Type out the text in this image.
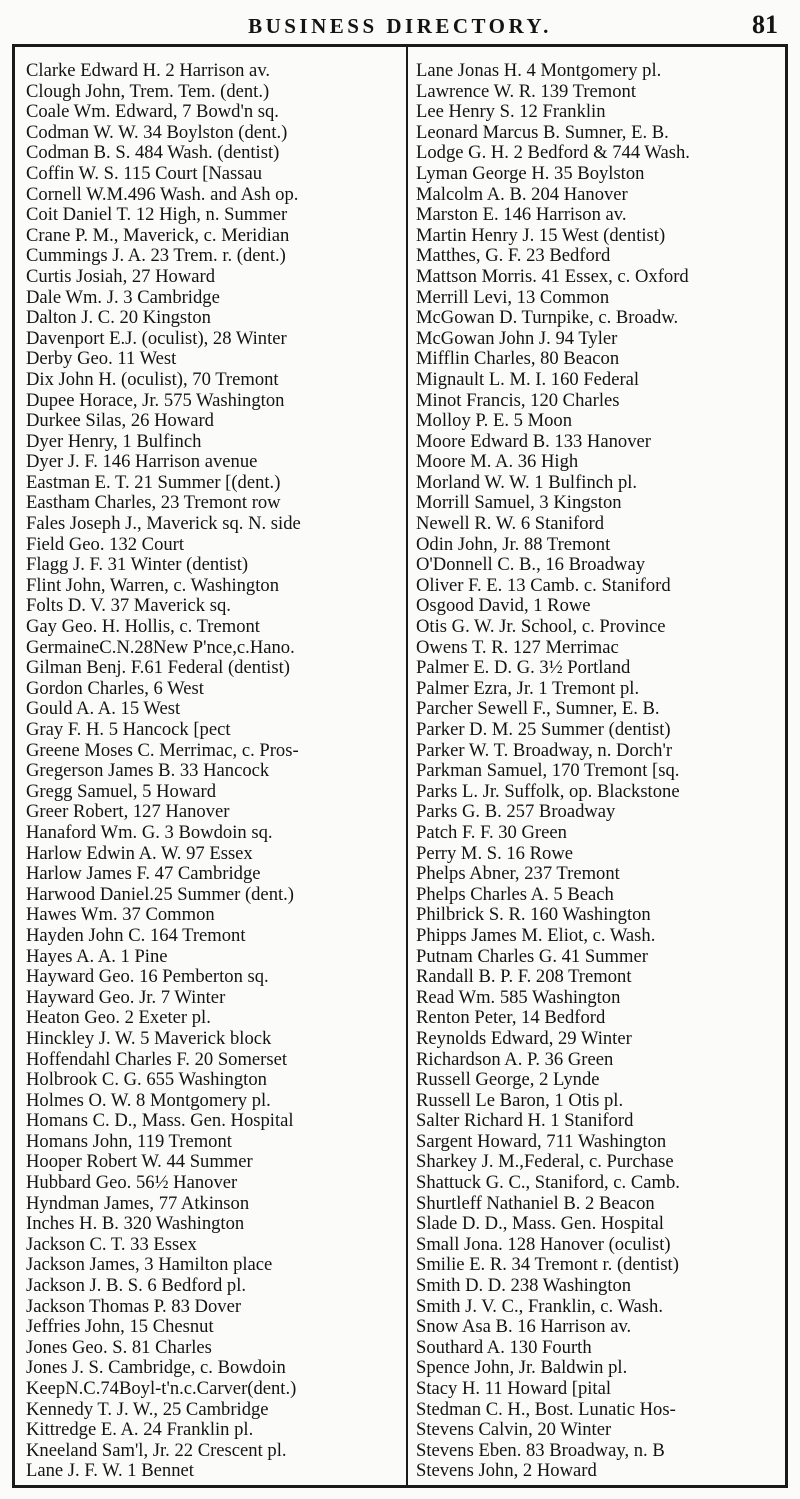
BUSINESS DIRECTORY.	81
Clarke Edward H. 2 Harrison av.
Clough John, Trem. Tem. (dent.)
Coale Wm. Edward, 7 Bowd'n sq.
Codman W. W. 34 Boylston (dent.)
Codman B. S. 484 Wash. (dentist)
Coffin W. S. 115 Court [Nassau
Cornell W.M.496 Wash. and Ash op.
Coit Daniel T. 12 High, n. Summer
Crane P. M., Maverick, c. Meridian
Cummings J. A. 23 Trem. r. (dent.)
Curtis Josiah, 27 Howard
Dale Wm. J. 3 Cambridge
Dalton J. C. 20 Kingston
Davenport E.J. (oculist), 28 Winter
Derby Geo. 11 West
Dix John H. (oculist), 70 Tremont
Dupee Horace, Jr. 575 Washington
Durkee Silas, 26 Howard
Dyer Henry, 1 Bulfinch
Dyer J. F. 146 Harrison avenue
Eastman E. T. 21 Summer [(dent.)
Eastham Charles, 23 Tremont row
Fales Joseph J., Maverick sq. N. side
Field Geo. 132 Court
Flagg J. F. 31 Winter (dentist)
Flint John, Warren, c. Washington
Folts D. V. 37 Maverick sq.
Gay Geo. H. Hollis, c. Tremont
GermaineC.N.28New P'nce,c.Hano.
Gilman Benj. F.61 Federal (dentist)
Gordon Charles, 6 West
Gould A. A. 15 West
Gray F. H. 5 Hancock [pect
Greene Moses C. Merrimac, c. Pros-
Gregerson James B. 33 Hancock
Gregg Samuel, 5 Howard
Greer Robert, 127 Hanover
Hanaford Wm. G. 3 Bowdoin sq.
Harlow Edwin A. W. 97 Essex
Harlow James F. 47 Cambridge
Harwood Daniel.25 Summer (dent.)
Hawes Wm. 37 Common
Hayden John C. 164 Tremont
Hayes A. A. 1 Pine
Hayward Geo. 16 Pemberton sq.
Hayward Geo. Jr. 7 Winter
Heaton Geo. 2 Exeter pl.
Hinckley J. W. 5 Maverick block
Hoffendahl Charles F. 20 Somerset
Holbrook C. G. 655 Washington
Holmes O. W. 8 Montgomery pl.
Homans C. D., Mass. Gen. Hospital
Homans John, 119 Tremont
Hooper Robert W. 44 Summer
Hubbard Geo. 56½ Hanover
Hyndman James, 77 Atkinson
Inches H. B. 320 Washington
Jackson C. T. 33 Essex
Jackson James, 3 Hamilton place
Jackson J. B. S. 6 Bedford pl.
Jackson Thomas P. 83 Dover
Jeffries John, 15 Chesnut
Jones Geo. S. 81 Charles
Jones J. S. Cambridge, c. Bowdoin
KeepN.C.74Boyl-t'n.c.Carver(dent.)
Kennedy T. J. W., 25 Cambridge
Kittredge E. A. 24 Franklin pl.
Kneeland Sam'l, Jr. 22 Crescent pl.
Lane J. F. W. 1 Bennet
Lane Jonas H. 4 Montgomery pl.
Lawrence W. R. 139 Tremont
Lee Henry S. 12 Franklin
Leonard Marcus B. Sumner, E. B.
Lodge G. H. 2 Bedford & 744 Wash.
Lyman George H. 35 Boylston
Malcolm A. B. 204 Hanover
Marston E. 146 Harrison av.
Martin Henry J. 15 West (dentist)
Matthes, G. F. 23 Bedford
Mattson Morris. 41 Essex, c. Oxford
Merrill Levi, 13 Common
McGowan D. Turnpike, c. Broadw.
McGowan John J. 94 Tyler
Mifflin Charles, 80 Beacon
Mignault L. M. I. 160 Federal
Minot Francis, 120 Charles
Molloy P. E. 5 Moon
Moore Edward B. 133 Hanover
Moore M. A. 36 High
Morland W. W. 1 Bulfinch pl.
Morrill Samuel, 3 Kingston
Newell R. W. 6 Staniford
Odin John, Jr. 88 Tremont
O'Donnell C. B., 16 Broadway
Oliver F. E. 13 Camb. c. Staniford
Osgood David, 1 Rowe
Otis G. W. Jr. School, c. Province
Owens T. R. 127 Merrimac
Palmer E. D. G. 3½ Portland
Palmer Ezra, Jr. 1 Tremont pl.
Parcher Sewell F., Sumner, E. B.
Parker D. M. 25 Summer (dentist)
Parker W. T. Broadway, n. Dorch'r
Parkman Samuel, 170 Tremont [sq.
Parks L. Jr. Suffolk, op. Blackstone
Parks G. B. 257 Broadway
Patch F. F. 30 Green
Perry M. S. 16 Rowe
Phelps Abner, 237 Tremont
Phelps Charles A. 5 Beach
Philbrick S. R. 160 Washington
Phipps James M. Eliot, c. Wash.
Putnam Charles G. 41 Summer
Randall B. P. F. 208 Tremont
Read Wm. 585 Washington
Renton Peter, 14 Bedford
Reynolds Edward, 29 Winter
Richardson A. P. 36 Green
Russell George, 2 Lynde
Russell Le Baron, 1 Otis pl.
Salter Richard H. 1 Staniford
Sargent Howard, 711 Washington
Sharkey J. M.,Federal, c. Purchase
Shattuck G. C., Staniford, c. Camb.
Shurtleff Nathaniel B. 2 Beacon
Slade D. D., Mass. Gen. Hospital
Small Jona. 128 Hanover (oculist)
Smilie E. R. 34 Tremont r. (dentist)
Smith D. D. 238 Washington
Smith J. V. C., Franklin, c. Wash.
Snow Asa B. 16 Harrison av.
Southard A. 130 Fourth
Spence John, Jr. Baldwin pl.
Stacy H. 11 Howard [pital
Stedman C. H., Bost. Lunatic Hos-
Stevens Calvin, 20 Winter
Stevens Eben. 83 Broadway, n. B
Stevens John, 2 Howard
